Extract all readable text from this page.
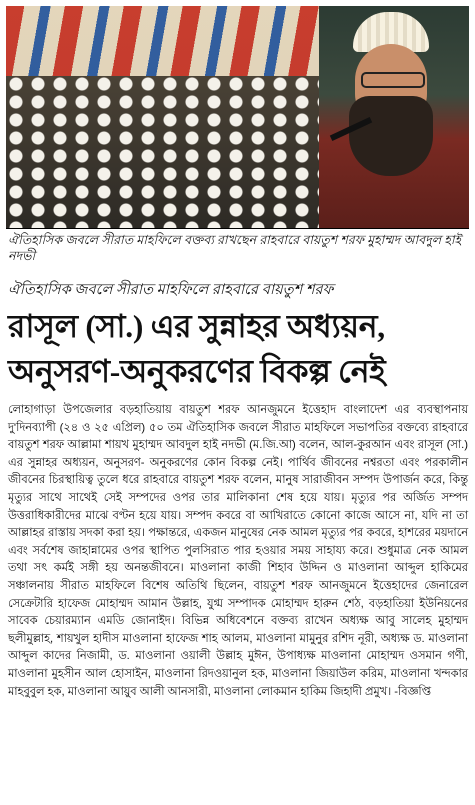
ঐতিহাসিক জবলে সীরাত মাহফিলে বক্তব্য রাখছেন রাহবারে বায়তুশ শরফ মুহাম্মদ আবদুল হাই নদভী
ঐতিহাসিক জবলে সীরাত মাহফিলে রাহবারে বায়তুশ শরফ
রাসূল (সা.) এর সুন্নাহর অধ্যয়ন,
অনুসরণ-অনুকরণের বিকল্প নেই
লোহাগাড়া উপজেলার বড়হাতিয়ায় বায়তুশ শরফ আনজুমনে ইত্তেহাদ বাংলাদেশ এর ব্যবস্থাপনায় দু'দিনব্যাপী (২৪ ও ২৫ এপ্রিল) ৫০ তম ঐতিহাসিক জবলে সীরাত মাহফিলে সভাপতির বক্তব্যে রাহবারে বায়তুশ শরফ আল্লামা শায়খ মুহাম্মদ আবদুল হাই নদভী (ম.জি.আ) বলেন, আল-কুরআন এবং রাসূল (সা.) এর সুন্নাহর অধ্যয়ন, অনুসরণ- অনুকরণের কোন বিকল্প নেই। পার্থিব জীবনের নশ্বরতা এবং পরকালীন জীবনের চিরস্থায়িত্ব তুলে ধরে রাহবারে বায়তুশ শরফ বলেন, মানুষ সারাজীবন সম্পদ উপার্জন করে, কিন্তু মৃত্যুর সাথে সাথেই সেই সম্পদের ওপর তার মালিকানা শেষ হয়ে যায়। মৃত্যুর পর অর্জিত সম্পদ উত্তরাধিকারীদের মাঝে বণ্টন হয়ে যায়। সম্পদ কবরে বা আখিরাতে কোনো কাজে আসে না, যদি না তা আল্লাহর রাস্তায় সদকা করা হয়। পক্ষান্তরে, একজন মানুষের নেক আমল মৃত্যুর পর কবরে, হাশরের ময়দানে এবং সর্বশেষ জাহান্নামের ওপর স্থাপিত পুলসিরাত পার হওয়ার সময় সাহায্য করে। শুধুমাত্র নেক আমল তথা সৎ কর্মই সঙ্গী হয় অনন্তজীবনে। মাওলানা কাজী শিহাব উদ্দিন ও মাওলানা আব্দুল হাকিমের সঞ্চালনায় সীরাত মাহফিলে বিশেষ অতিথি ছিলেন, বায়তুশ শরফ আনজুমনে ইত্তেহাদের জেনারেল সেক্রেটারি হাফেজ মোহাম্মদ আমান উল্লাহ, যুগ্ম সম্পাদক মোহাম্মদ হারুন শেঠ, বড়হাতিয়া ইউনিয়নের সাবেক চেয়ারম্যান এমডি জোনাইদ। বিভিন্ন অধিবেশনে বক্তব্য রাখেন অধ্যক্ষ আবু সালেহ মুহাম্মদ ছলীমুল্লাহ, শায়খুল হাদীস মাওলানা হাফেজ শাহ আলম, মাওলানা মামুনুর রশিদ নূরী, অধ্যক্ষ ড. মাওলানা আব্দুল কাদের নিজামী, ড. মাওলানা ওয়ালী উল্লাহ মুঈন, উপাধ্যক্ষ মাওলানা মোহাম্মদ ওসমান গণী, মাওলানা মুহসীন আল হোসাইন, মাওলানা রিদওয়ানুল হক, মাওলানা জিয়াউল করিম, মাওলানা খন্দকার মাহবুবুল হক, মাওলানা আয়ুব আলী আনসারী, মাওলানা লোকমান হাকিম জিহাদী প্রমুখ। -বিজ্ঞপ্তি
